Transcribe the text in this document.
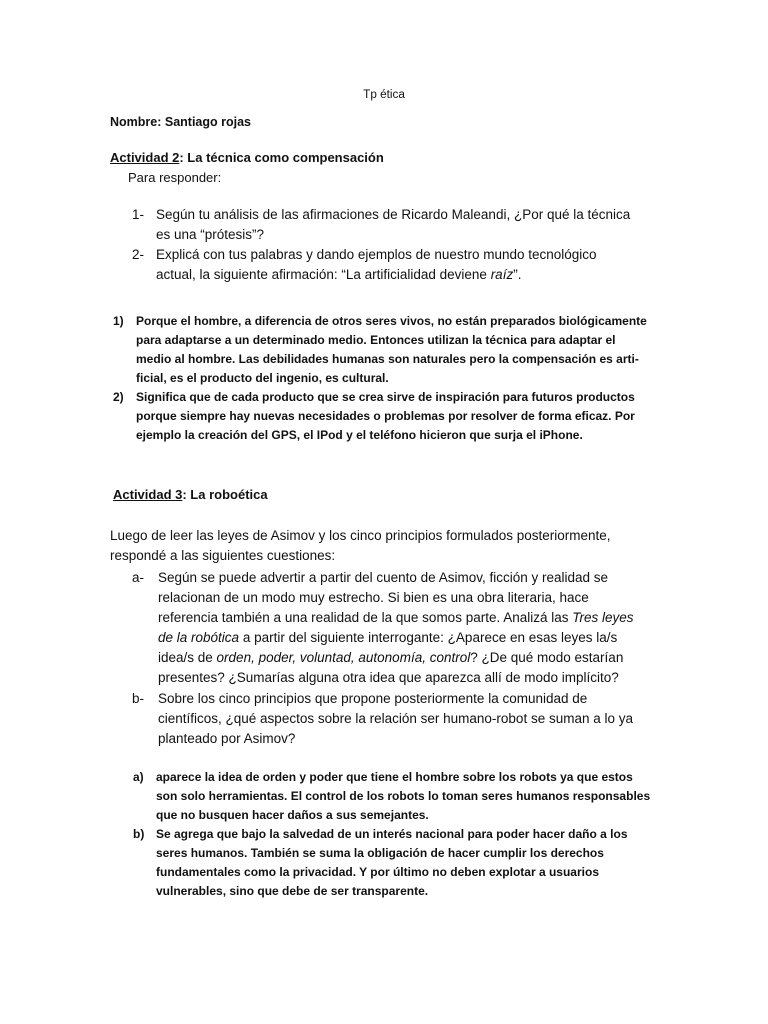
Tp ética
Nombre: Santiago rojas
Actividad 2: La técnica como compensación
Para responder:
1- Según tu análisis de las afirmaciones de Ricardo Maleandi, ¿Por qué la técnica
es una “prótesis”?
2- Explicá con tus palabras y dando ejemplos de nuestro mundo tecnológico
actual, la siguiente afirmación: “La artificialidad deviene raíz”.
1) Porque el hombre, a diferencia de otros seres vivos, no están preparados biológicamente
para adaptarse a un determinado medio. Entonces utilizan la técnica para adaptar el
medio al hombre. Las debilidades humanas son naturales pero la compensación es arti-
ficial, es el producto del ingenio, es cultural.
2) Significa que de cada producto que se crea sirve de inspiración para futuros productos
porque siempre hay nuevas necesidades o problemas por resolver de forma eficaz. Por
ejemplo la creación del GPS, el IPod y el teléfono hicieron que surja el iPhone.
Actividad 3: La roboética
Luego de leer las leyes de Asimov y los cinco principios formulados posteriormente,
respondé a las siguientes cuestiones:
a- Según se puede advertir a partir del cuento de Asimov, ficción y realidad se
relacionan de un modo muy estrecho. Si bien es una obra literaria, hace
referencia también a una realidad de la que somos parte. Analizá las Tres leyes
de la robótica a partir del siguiente interrogante: ¿Aparece en esas leyes la/s
idea/s de orden, poder, voluntad, autonomía, control? ¿De qué modo estarían
presentes? ¿Sumarías alguna otra idea que aparezca allí de modo implícito?
b- Sobre los cinco principios que propone posteriormente la comunidad de
científicos, ¿qué aspectos sobre la relación ser humano-robot se suman a lo ya
planteado por Asimov?
a) aparece la idea de orden y poder que tiene el hombre sobre los robots ya que estos
son solo herramientas. El control de los robots lo toman seres humanos responsables
que no busquen hacer daños a sus semejantes.
b) Se agrega que bajo la salvedad de un interés nacional para poder hacer daño a los
seres humanos. También se suma la obligación de hacer cumplir los derechos
fundamentales como la privacidad. Y por último no deben explotar a usuarios
vulnerables, sino que debe de ser transparente.
